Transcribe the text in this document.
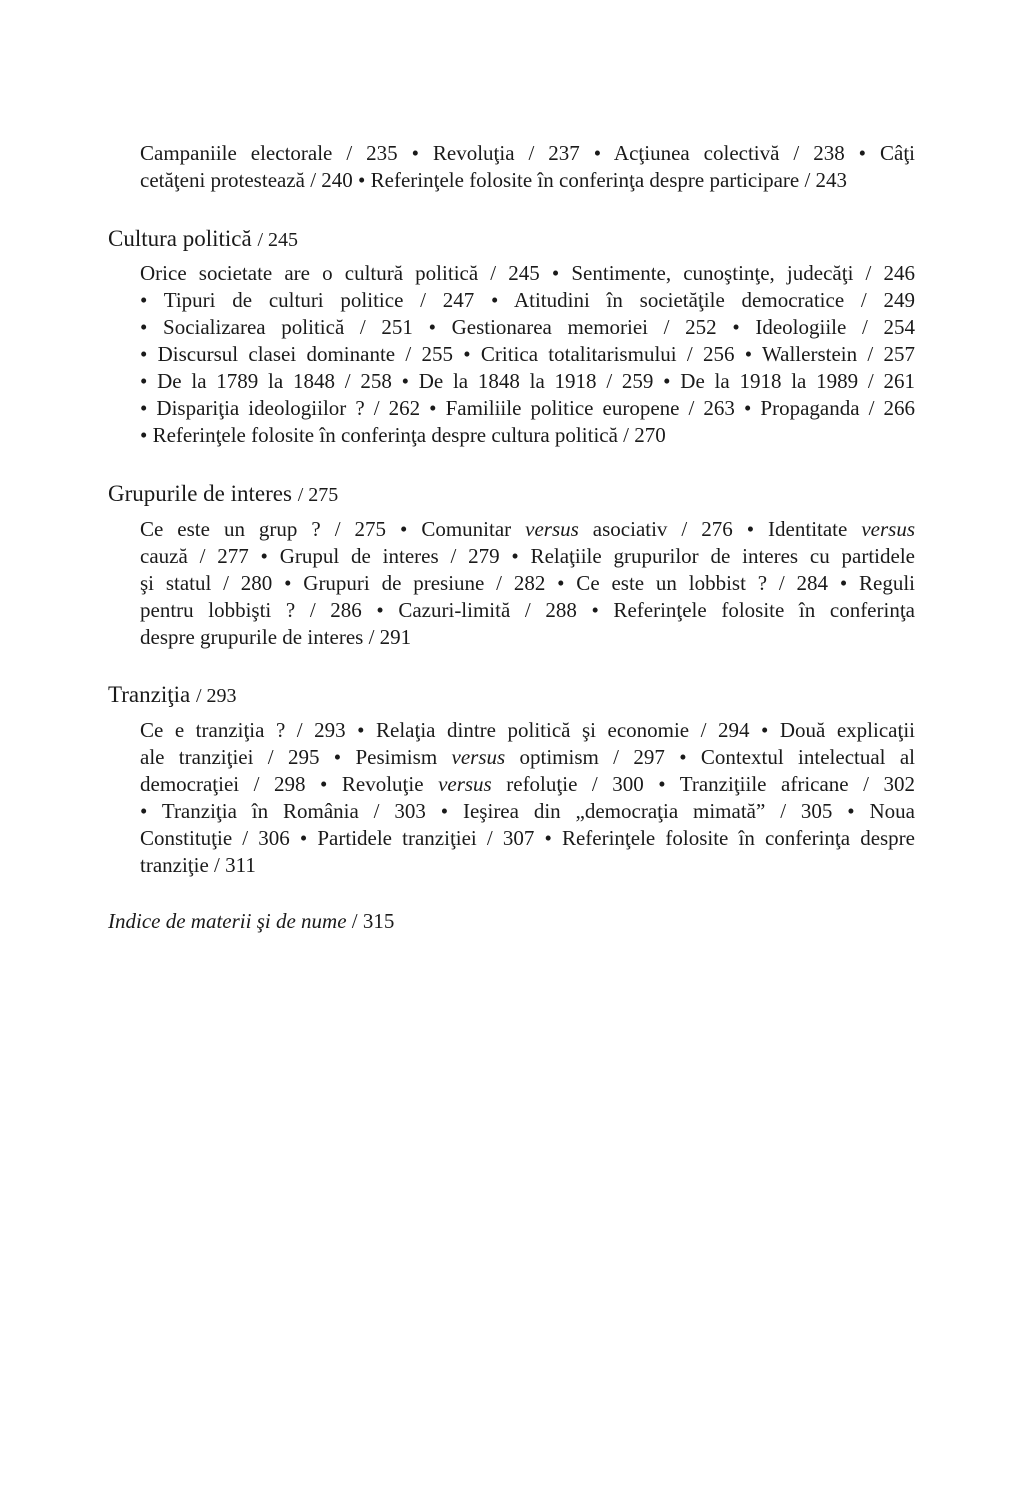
Campaniile electorale / 235 • Revoluţia / 237 • Acţiunea colectivă / 238 • Câţi
cetăţeni protestează / 240 • Referinţele folosite în conferinţa despre participare / 243
Cultura politică / 245
Orice societate are o cultură politică / 245 • Sentimente, cunoştinţe, judecăţi / 246
• Tipuri de culturi politice / 247 • Atitudini în societăţile democratice / 249
• Socializarea politică / 251 • Gestionarea memoriei / 252 • Ideologiile / 254
• Discursul clasei dominante / 255 • Critica totalitarismului / 256 • Wallerstein / 257
• De la 1789 la 1848 / 258 • De la 1848 la 1918 / 259 • De la 1918 la 1989 / 261
• Dispariţia ideologiilor ? / 262 • Familiile politice europene / 263 • Propaganda / 266
• Referinţele folosite în conferinţa despre cultura politică / 270
Grupurile de interes / 275
Ce este un grup ? / 275 • Comunitar versus asociativ / 276 • Identitate versus
cauză / 277 • Grupul de interes / 279 • Relaţiile grupurilor de interes cu partidele
şi statul / 280 • Grupuri de presiune / 282 • Ce este un lobbist ? / 284 • Reguli
pentru lobbişti ? / 286 • Cazuri-limită / 288 • Referinţele folosite în conferinţa
despre grupurile de interes / 291
Tranziţia / 293
Ce e tranziţia ? / 293 • Relaţia dintre politică şi economie / 294 • Două explicaţii
ale tranziţiei / 295 • Pesimism versus optimism / 297 • Contextul intelectual al
democraţiei / 298 • Revoluţie versus refoluţie / 300 • Tranziţiile africane / 302
• Tranziţia în România / 303 • Ieşirea din „democraţia mimată” / 305 • Noua
Constituţie / 306 • Partidele tranziţiei / 307 • Referinţele folosite în conferinţa despre
tranziţie / 311

Indice de materii şi de nume / 315
